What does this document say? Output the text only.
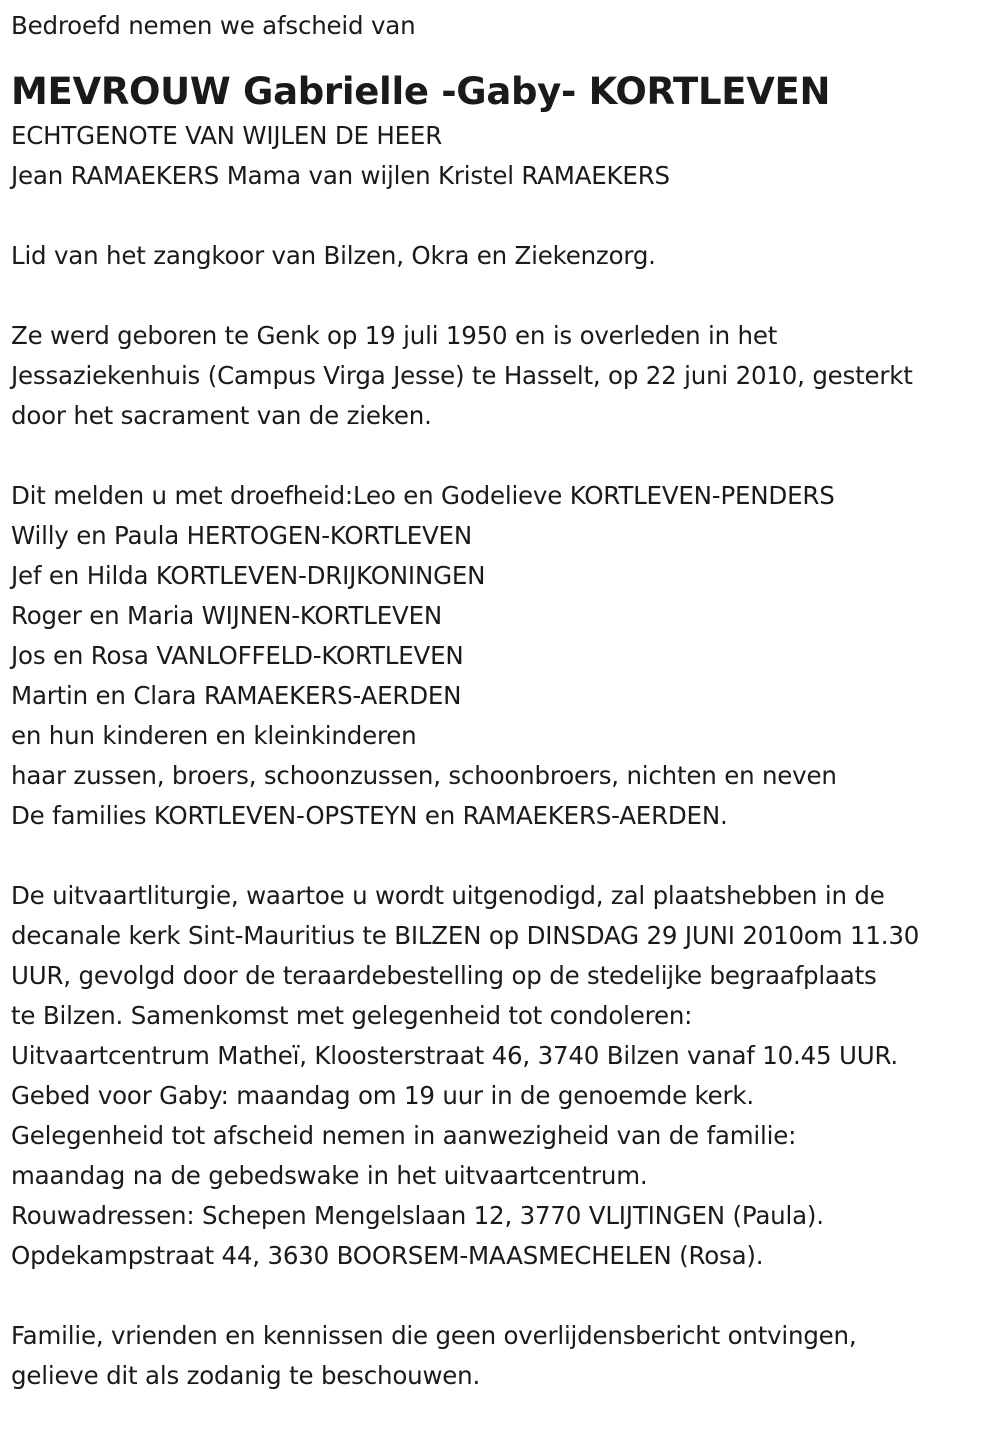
Bedroefd nemen we afscheid van
MEVROUW Gabrielle -Gaby- KORTLEVEN
ECHTGENOTE VAN WIJLEN DE HEER
Jean RAMAEKERS Mama van wijlen Kristel RAMAEKERS
Lid van het zangkoor van Bilzen, Okra en Ziekenzorg.
Ze werd geboren te Genk op 19 juli 1950 en is overleden in het
Jessaziekenhuis (Campus Virga Jesse) te Hasselt, op 22 juni 2010, gesterkt
door het sacrament van de zieken.
Dit melden u met droefheid:Leo en Godelieve KORTLEVEN-PENDERS
Willy en Paula HERTOGEN-KORTLEVEN
Jef en Hilda KORTLEVEN-DRIJKONINGEN
Roger en Maria WIJNEN-KORTLEVEN
Jos en Rosa VANLOFFELD-KORTLEVEN
Martin en Clara RAMAEKERS-AERDEN
en hun kinderen en kleinkinderen
haar zussen, broers, schoonzussen, schoonbroers, nichten en neven
De families KORTLEVEN-OPSTEYN en RAMAEKERS-AERDEN.
De uitvaartliturgie, waartoe u wordt uitgenodigd, zal plaatshebben in de
decanale kerk Sint-Mauritius te BILZEN op DINSDAG 29 JUNI 2010om 11.30
UUR, gevolgd door de teraardebestelling op de stedelijke begraafplaats
te Bilzen. Samenkomst met gelegenheid tot condoleren:
Uitvaartcentrum Matheï, Kloosterstraat 46, 3740 Bilzen vanaf 10.45 UUR.
Gebed voor Gaby: maandag om 19 uur in de genoemde kerk.
Gelegenheid tot afscheid nemen in aanwezigheid van de familie:
maandag na de gebedswake in het uitvaartcentrum.
Rouwadressen: Schepen Mengelslaan 12, 3770 VLIJTINGEN (Paula).
Opdekampstraat 44, 3630 BOORSEM-MAASMECHELEN (Rosa).
Familie, vrienden en kennissen die geen overlijdensbericht ontvingen,
gelieve dit als zodanig te beschouwen.
